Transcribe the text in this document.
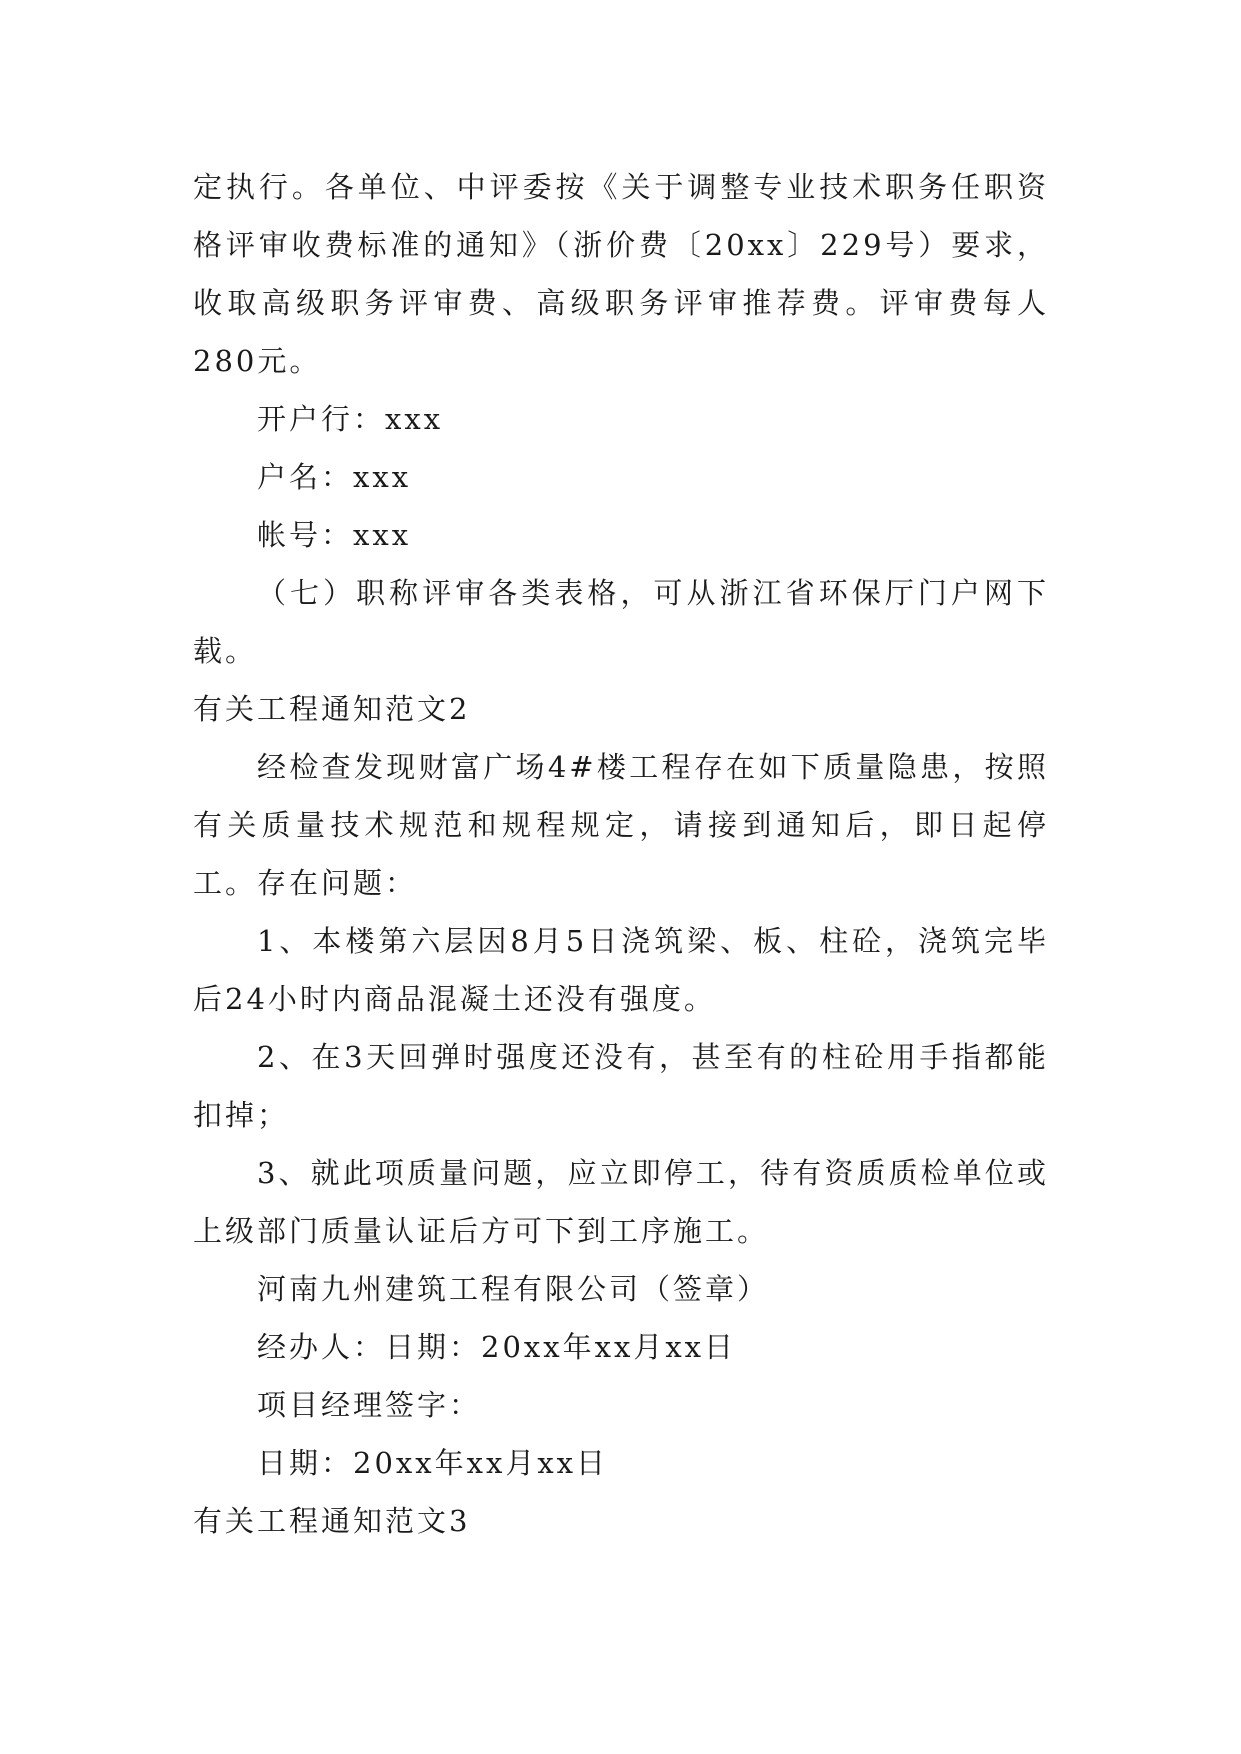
定执行。各单位、中评委按《关于调整专业技术职务任职资格评审收费标准的通知》（浙价费〔20xx〕229号）要求，收取高级职务评审费、高级职务评审推荐费。评审费每人280元。

开户行：xxx

户名：xxx

帐号：xxx

（七）职称评审各类表格，可从浙江省环保厅门户网下载。

有关工程通知范文2

经检查发现财富广场4#楼工程存在如下质量隐患，按照有关质量技术规范和规程规定，请接到通知后，即日起停工。存在问题：

1、本楼第六层因8月5日浇筑梁、板、柱砼，浇筑完毕后24小时内商品混凝土还没有强度。

2、在3天回弹时强度还没有，甚至有的柱砼用手指都能扣掉；

3、就此项质量问题，应立即停工，待有资质质检单位或上级部门质量认证后方可下到工序施工。

河南九州建筑工程有限公司（签章）

经办人：日期：20xx年xx月xx日

项目经理签字：

日期：20xx年xx月xx日

有关工程通知范文3
